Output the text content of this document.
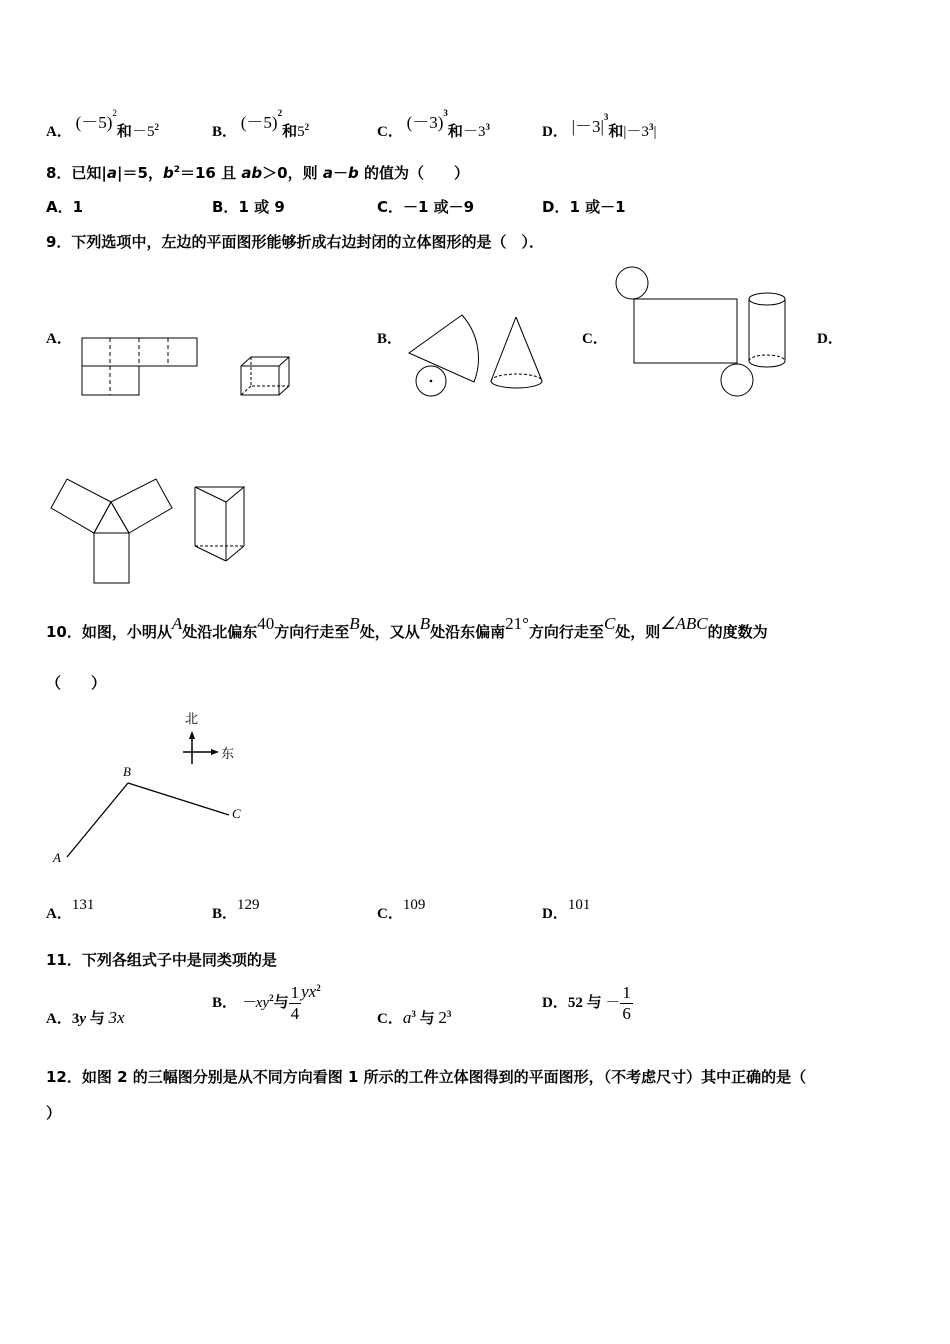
A． $(-5)^2$和$-5^2$	B． $(-5)^2$和$5^2$	C． $(-3)^3$和$-3^3$	D． $|-3|^3$和$|-3^3|$
8．已知|a|＝5，$b^2=16$ 且 ab＞0，则 a－b 的值为（　　）
A．1	B．1 或 9	C．－1 或－9	D．1 或－1
9．下列选项中，左边的平面图形能够折成右边封闭的立体图形的是（　）．
A．	B．	C．	D．
10．如图，小明从A处沿北偏东40方向行走至B处，又从B处沿东偏南21°方向行走至C处，则∠ABC的度数为
（　　）
北
东
A
B
C
A．131
B．129
C．109
D．101
11．下列各组式子中是同类项的是
A．3y 与 3x
B． $-xy^2$与 $\frac{1}{4} yx^2$
C．$a^3$ 与 $2^3$
D．52 与 － $\frac{1}{6}$
12．如图 2 的三幅图分别是从不同方向看图 1 所示的工件立体图得到的平面图形，（不考虑尺寸）其中正确的是（
）
